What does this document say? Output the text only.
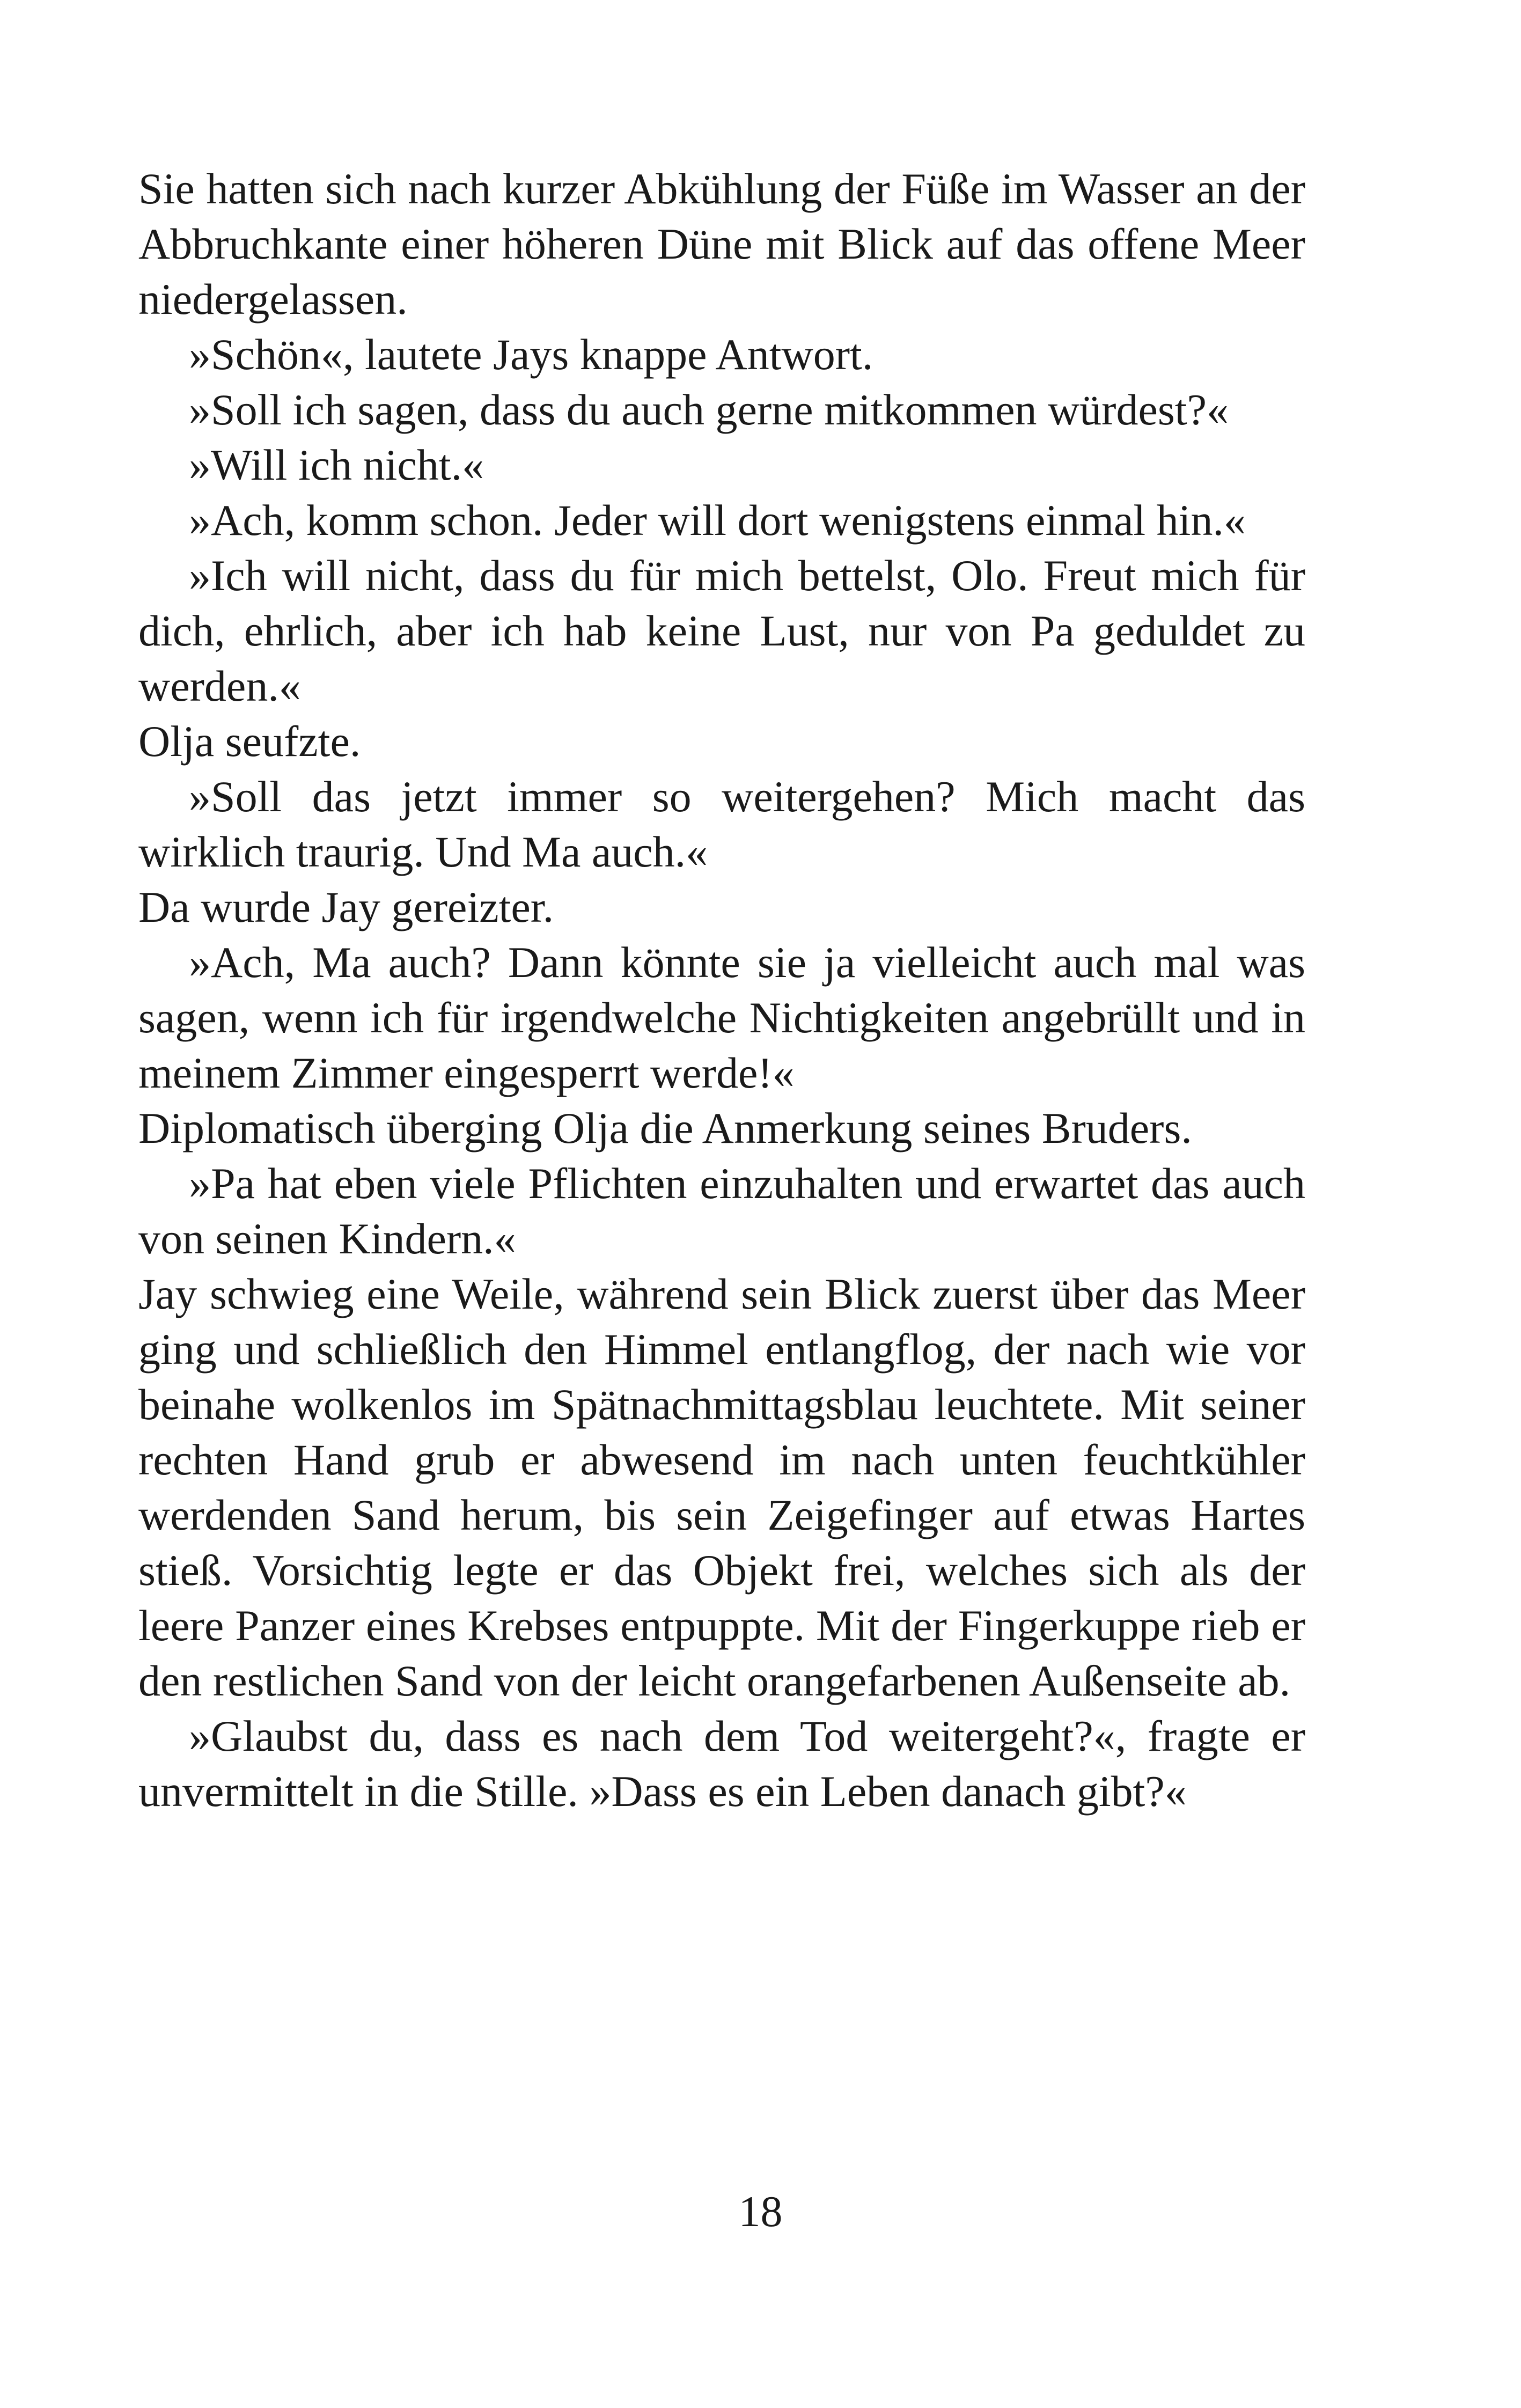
Sie hatten sich nach kurzer Abkühlung der Füße im Wasser an der Abbruchkante einer höheren Düne mit Blick auf das offene Meer niedergelassen.

»Schön«, lautete Jays knappe Antwort.

»Soll ich sagen, dass du auch gerne mitkommen würdest?«

»Will ich nicht.«

»Ach, komm schon. Jeder will dort wenigstens einmal hin.«

»Ich will nicht, dass du für mich bettelst, Olo. Freut mich für dich, ehrlich, aber ich hab keine Lust, nur von Pa geduldet zu werden.«

Olja seufzte.

»Soll das jetzt immer so weitergehen? Mich macht das wirklich traurig. Und Ma auch.«

Da wurde Jay gereizter.

»Ach, Ma auch? Dann könnte sie ja vielleicht auch mal was sagen, wenn ich für irgendwelche Nichtigkeiten angebrüllt und in meinem Zimmer eingesperrt werde!«

Diplomatisch überging Olja die Anmerkung seines Bruders.

»Pa hat eben viele Pflichten einzuhalten und erwartet das auch von seinen Kindern.«

Jay schwieg eine Weile, während sein Blick zuerst über das Meer ging und schließlich den Himmel entlangflog, der nach wie vor beinahe wolkenlos im Spätnachmittagsblau leuchtete. Mit seiner rechten Hand grub er abwesend im nach unten feuchtkühler werdenden Sand herum, bis sein Zeigefinger auf etwas Hartes stieß. Vorsichtig legte er das Objekt frei, welches sich als der leere Panzer eines Krebses entpuppte. Mit der Fingerkuppe rieb er den restlichen Sand von der leicht orangefarbenen Außenseite ab.

»Glaubst du, dass es nach dem Tod weitergeht?«, fragte er unvermittelt in die Stille. »Dass es ein Leben danach gibt?«

18
